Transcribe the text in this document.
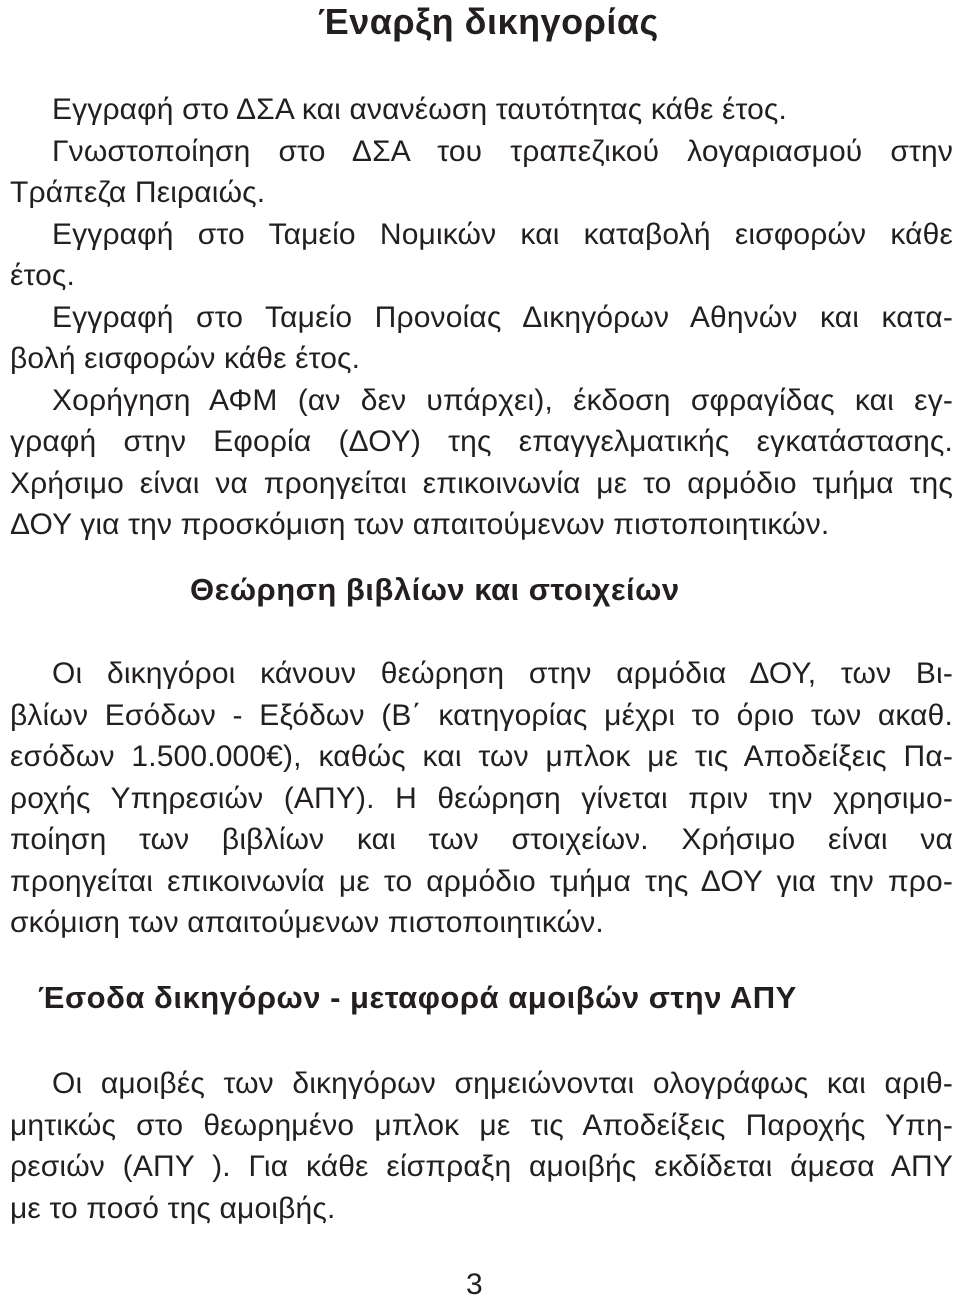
Έναρξη δικηγορίας
Εγγραφή στο ΔΣΑ και ανανέωση ταυτότητας κάθε έτος.
Γνωστοποίηση στο ΔΣΑ του τραπεζικού λογαριασμού στην
Τράπεζα Πειραιώς.
Εγγραφή στο Ταμείο Νομικών και καταβολή εισφορών κάθε
έτος.
Εγγραφή στο Ταμείο Προνοίας Δικηγόρων Αθηνών και κατα-
βολή εισφορών κάθε έτος.
Χορήγηση ΑΦΜ (αν δεν υπάρχει), έκδοση σφραγίδας και εγ-
γραφή στην Εφορία (ΔΟΥ) της επαγγελματικής εγκατάστασης.
Χρήσιμο είναι να προηγείται επικοινωνία με το αρμόδιο τμήμα της
ΔΟΥ για την προσκόμιση των απαιτούμενων πιστοποιητικών.
Θεώρηση βιβλίων και στοιχείων
Οι δικηγόροι κάνουν θεώρηση στην αρμόδια ΔΟΥ, των Βι-
βλίων Εσόδων - Εξόδων (Β΄ κατηγορίας μέχρι το όριο των ακαθ.
εσόδων 1.500.000€), καθώς και των μπλοκ με τις Αποδείξεις Πα-
ροχής Υπηρεσιών (ΑΠΥ). Η θεώρηση γίνεται πριν την χρησιμο-
ποίηση των βιβλίων και των στοιχείων. Χρήσιμο είναι να
προηγείται επικοινωνία με το αρμόδιο τμήμα της ΔΟΥ για την προ-
σκόμιση των απαιτούμενων πιστοποιητικών.
Έσοδα δικηγόρων - μεταφορά αμοιβών στην ΑΠΥ
Οι αμοιβές των δικηγόρων σημειώνονται ολογράφως και αριθ-
μητικώς στο θεωρημένο μπλοκ με τις Αποδείξεις Παροχής Υπη-
ρεσιών (ΑΠΥ ). Για κάθε είσπραξη αμοιβής εκδίδεται άμεσα ΑΠΥ
με το ποσό της αμοιβής.
3
